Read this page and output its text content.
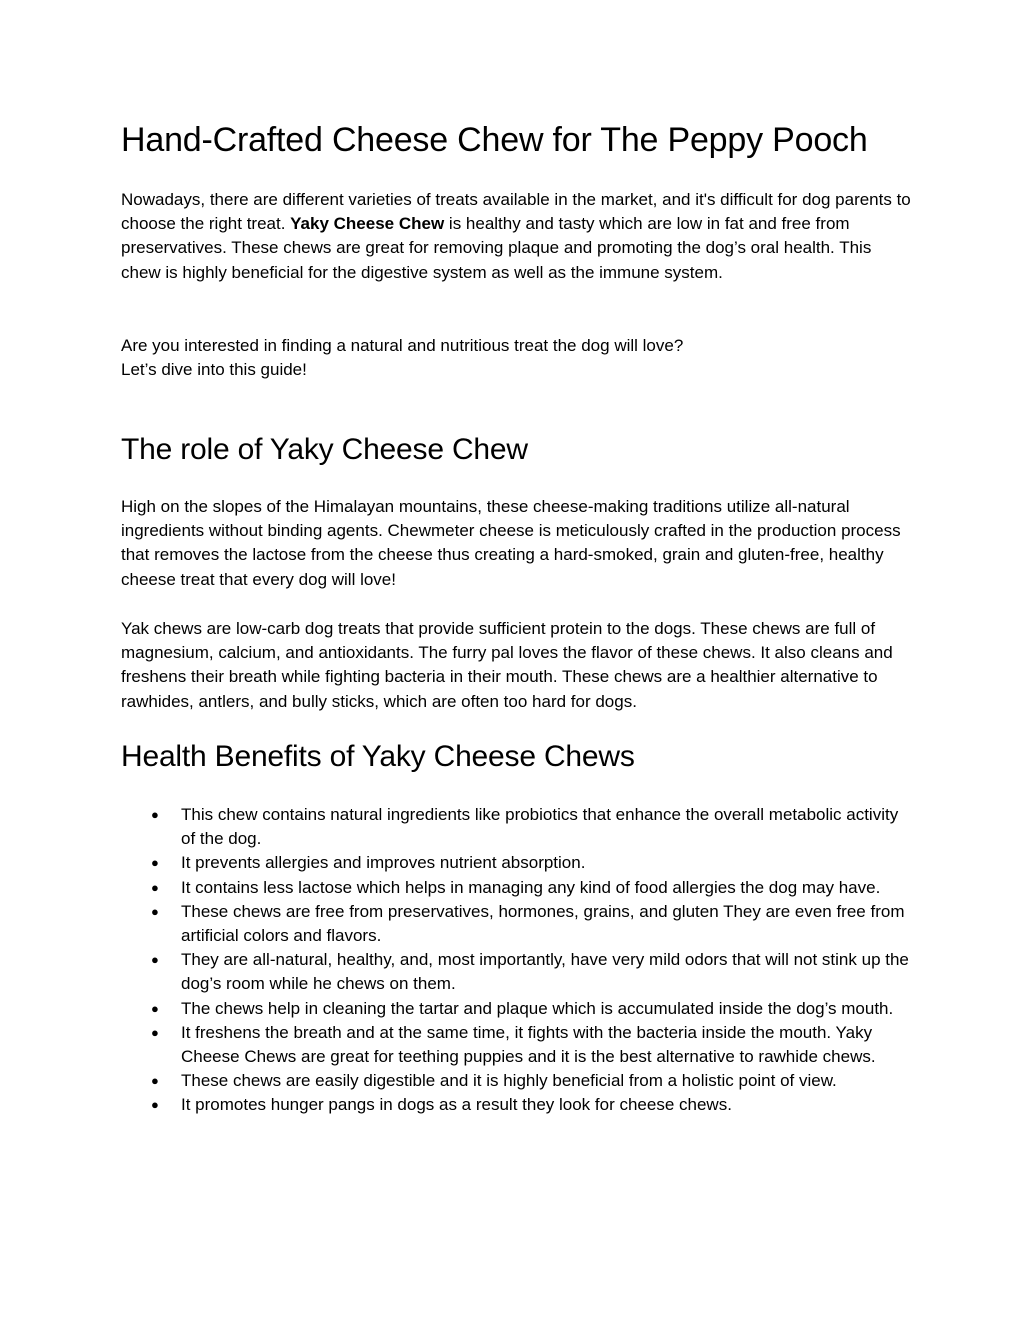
Hand-Crafted Cheese Chew for The Peppy Pooch

Nowadays, there are different varieties of treats available in the market, and it's difficult for dog parents to choose the right treat. Yaky Cheese Chew is healthy and tasty which are low in fat and free from preservatives. These chews are great for removing plaque and promoting the dog’s oral health. This chew is highly beneficial for the digestive system as well as the immune system.

Are you interested in finding a natural and nutritious treat the dog will love?
Let’s dive into this guide!

The role of Yaky Cheese Chew

High on the slopes of the Himalayan mountains, these cheese-making traditions utilize all-natural ingredients without binding agents. Chewmeter cheese is meticulously crafted in the production process that removes the lactose from the cheese thus creating a hard-smoked, grain and gluten-free, healthy cheese treat that every dog will love!

Yak chews are low-carb dog treats that provide sufficient protein to the dogs. These chews are full of magnesium, calcium, and antioxidants. The furry pal loves the flavor of these chews. It also cleans and freshens their breath while fighting bacteria in their mouth. These chews are a healthier alternative to rawhides, antlers, and bully sticks, which are often too hard for dogs.

Health Benefits of Yaky Cheese Chews
● This chew contains natural ingredients like probiotics that enhance the overall metabolic activity of the dog.
● It prevents allergies and improves nutrient absorption.
● It contains less lactose which helps in managing any kind of food allergies the dog may have.
● These chews are free from preservatives, hormones, grains, and gluten They are even free from artificial colors and flavors.
● They are all-natural, healthy, and, most importantly, have very mild odors that will not stink up the dog’s room while he chews on them.
● The chews help in cleaning the tartar and plaque which is accumulated inside the dog’s mouth.
● It freshens the breath and at the same time, it fights with the bacteria inside the mouth. Yaky Cheese Chews are great for teething puppies and it is the best alternative to rawhide chews.
● These chews are easily digestible and it is highly beneficial from a holistic point of view.
● It promotes hunger pangs in dogs as a result they look for cheese chews.
